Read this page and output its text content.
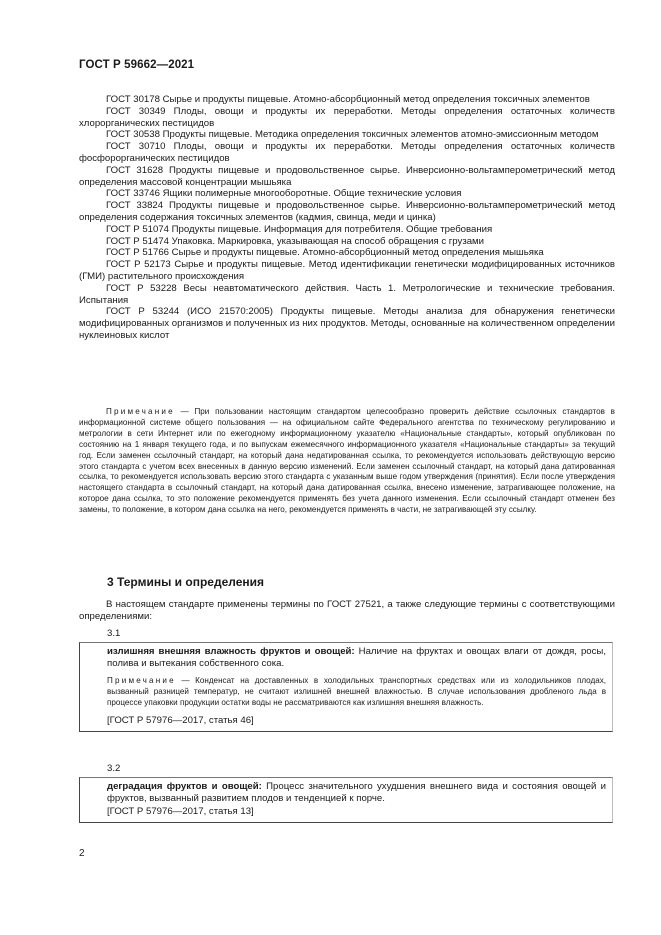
ГОСТ Р 59662—2021

ГОСТ 30178 Сырье и продукты пищевые. Атомно-абсорбционный метод определения токсичных элементов

ГОСТ 30349 Плоды, овощи и продукты их переработки. Методы определения остаточных количеств хлорорганических пестицидов

ГОСТ 30538 Продукты пищевые. Методика определения токсичных элементов атомно-эмиссионным методом

ГОСТ 30710 Плоды, овощи и продукты их переработки. Методы определения остаточных количеств фосфорорганических пестицидов

ГОСТ 31628 Продукты пищевые и продовольственное сырье. Инверсионно-вольтамперометрический метод определения массовой концентрации мышьяка

ГОСТ 33746 Ящики полимерные многооборотные. Общие технические условия

ГОСТ 33824 Продукты пищевые и продовольственное сырье. Инверсионно-вольтамперометрический метод определения содержания токсичных элементов (кадмия, свинца, меди и цинка)

ГОСТ Р 51074 Продукты пищевые. Информация для потребителя. Общие требования

ГОСТ Р 51474 Упаковка. Маркировка, указывающая на способ обращения с грузами

ГОСТ Р 51766 Сырье и продукты пищевые. Атомно-абсорбционный метод определения мышьяка

ГОСТ Р 52173 Сырье и продукты пищевые. Метод идентификации генетически модифицированных источников (ГМИ) растительного происхождения

ГОСТ Р 53228 Весы неавтоматического действия. Часть 1. Метрологические и технические требования. Испытания

ГОСТ Р 53244 (ИСО 21570:2005) Продукты пищевые. Методы анализа для обнаружения генетически модифицированных организмов и полученных из них продуктов. Методы, основанные на количественном определении нуклеиновых кислот

Примечание — При пользовании настоящим стандартом целесообразно проверить действие ссылочных стандартов в информационной системе общего пользования — на официальном сайте Федерального агентства по техническому регулированию и метрологии в сети Интернет или по ежегодному информационному указателю «Национальные стандарты», который опубликован по состоянию на 1 января текущего года, и по выпускам ежемесячного информационного указателя «Национальные стандарты» за текущий год. Если заменен ссылочный стандарт, на который дана недатированная ссылка, то рекомендуется использовать действующую версию этого стандарта с учетом всех внесенных в данную версию изменений. Если заменен ссылочный стандарт, на который дана датированная ссылка, то рекомендуется использовать версию этого стандарта с указанным выше годом утверждения (принятия). Если после утверждения настоящего стандарта в ссылочный стандарт, на который дана датированная ссылка, внесено изменение, затрагивающее положение, на которое дана ссылка, то это положение рекомендуется применять без учета данного изменения. Если ссылочный стандарт отменен без замены, то положение, в котором дана ссылка на него, рекомендуется применять в части, не затрагивающей эту ссылку.

3 Термины и определения

В настоящем стандарте применены термины по ГОСТ 27521, а также следующие термины с соответствующими определениями:

3.1

излишняя внешняя влажность фруктов и овощей: Наличие на фруктах и овощах влаги от дождя, росы, полива и вытекания собственного сока.

Примечание — Конденсат на доставленных в холодильных транспортных средствах или из холодильников плодах, вызванный разницей температур, не считают излишней внешней влажностью. В случае использования дробленого льда в процессе упаковки продукции остатки воды не рассматриваются как излишняя внешняя влажность.

[ГОСТ Р 57976—2017, статья 46]

3.2

деградация фруктов и овощей: Процесс значительного ухудшения внешнего вида и состояния овощей и фруктов, вызванный развитием плодов и тенденцией к порче.

[ГОСТ Р 57976—2017, статья 13]

2
